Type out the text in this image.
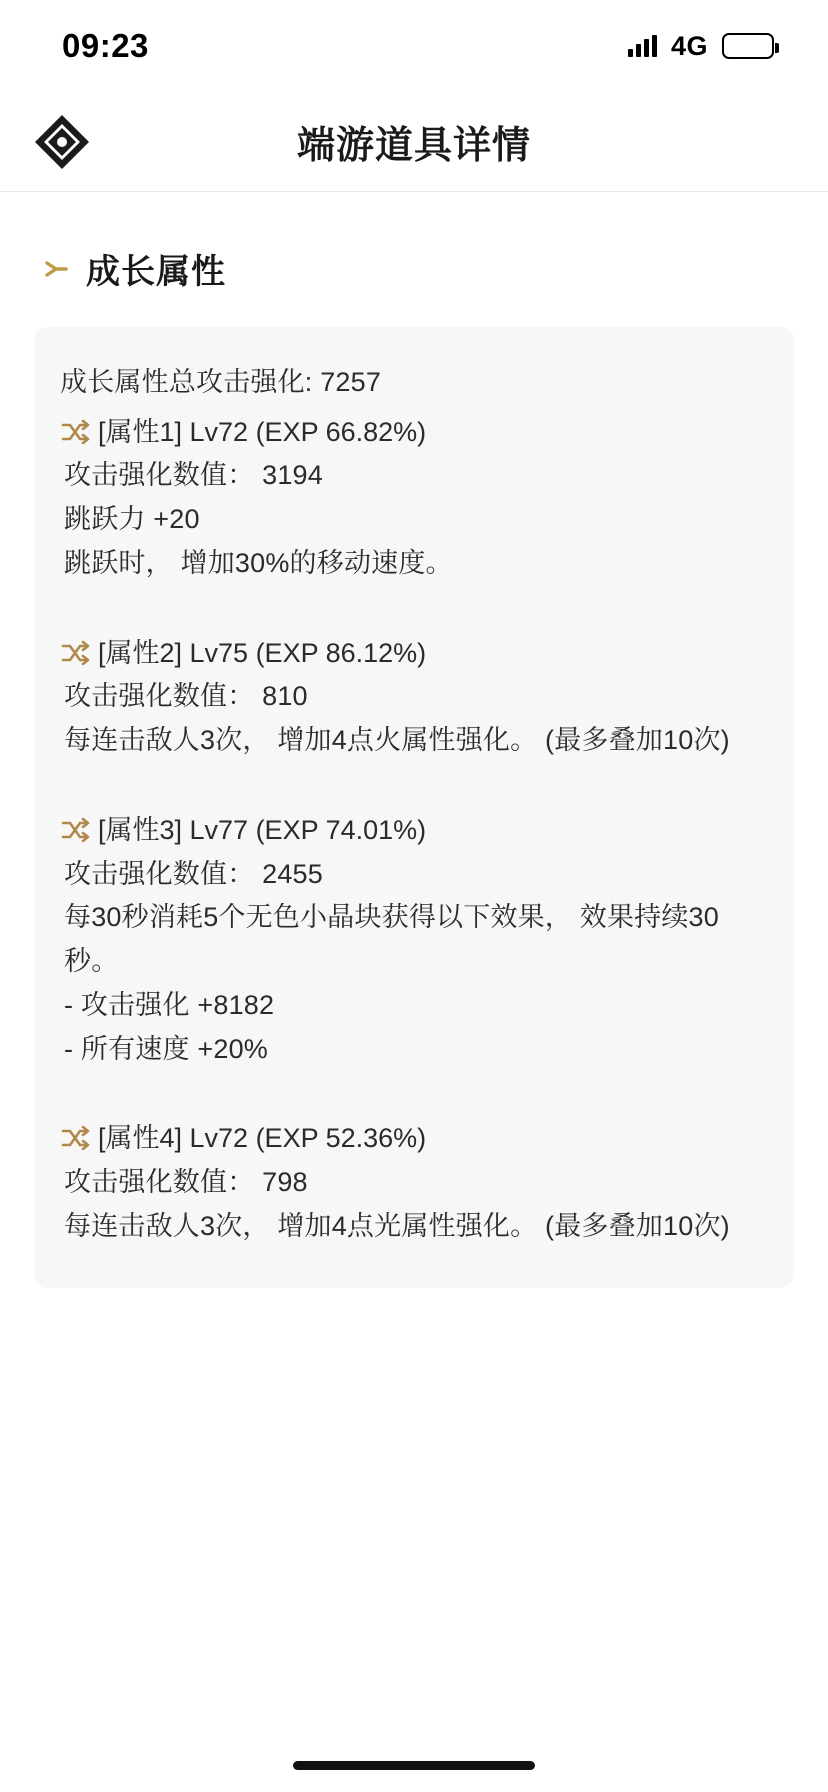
09:23	4G
端游道具详情
成长属性
成长属性总攻击强化: 7257
[属性1] Lv72 (EXP 66.82%)
攻击强化数值： 3194
跳跃力 +20
跳跃时， 增加30%的移动速度。
[属性2] Lv75 (EXP 86.12%)
攻击强化数值： 810
每连击敌人3次， 增加4点火属性强化。 (最多叠加10次)
[属性3] Lv77 (EXP 74.01%)
攻击强化数值： 2455
每30秒消耗5个无色小晶块获得以下效果， 效果持续30秒。
- 攻击强化 +8182
- 所有速度 +20%
[属性4] Lv72 (EXP 52.36%)
攻击强化数值： 798
每连击敌人3次， 增加4点光属性强化。 (最多叠加10次)
